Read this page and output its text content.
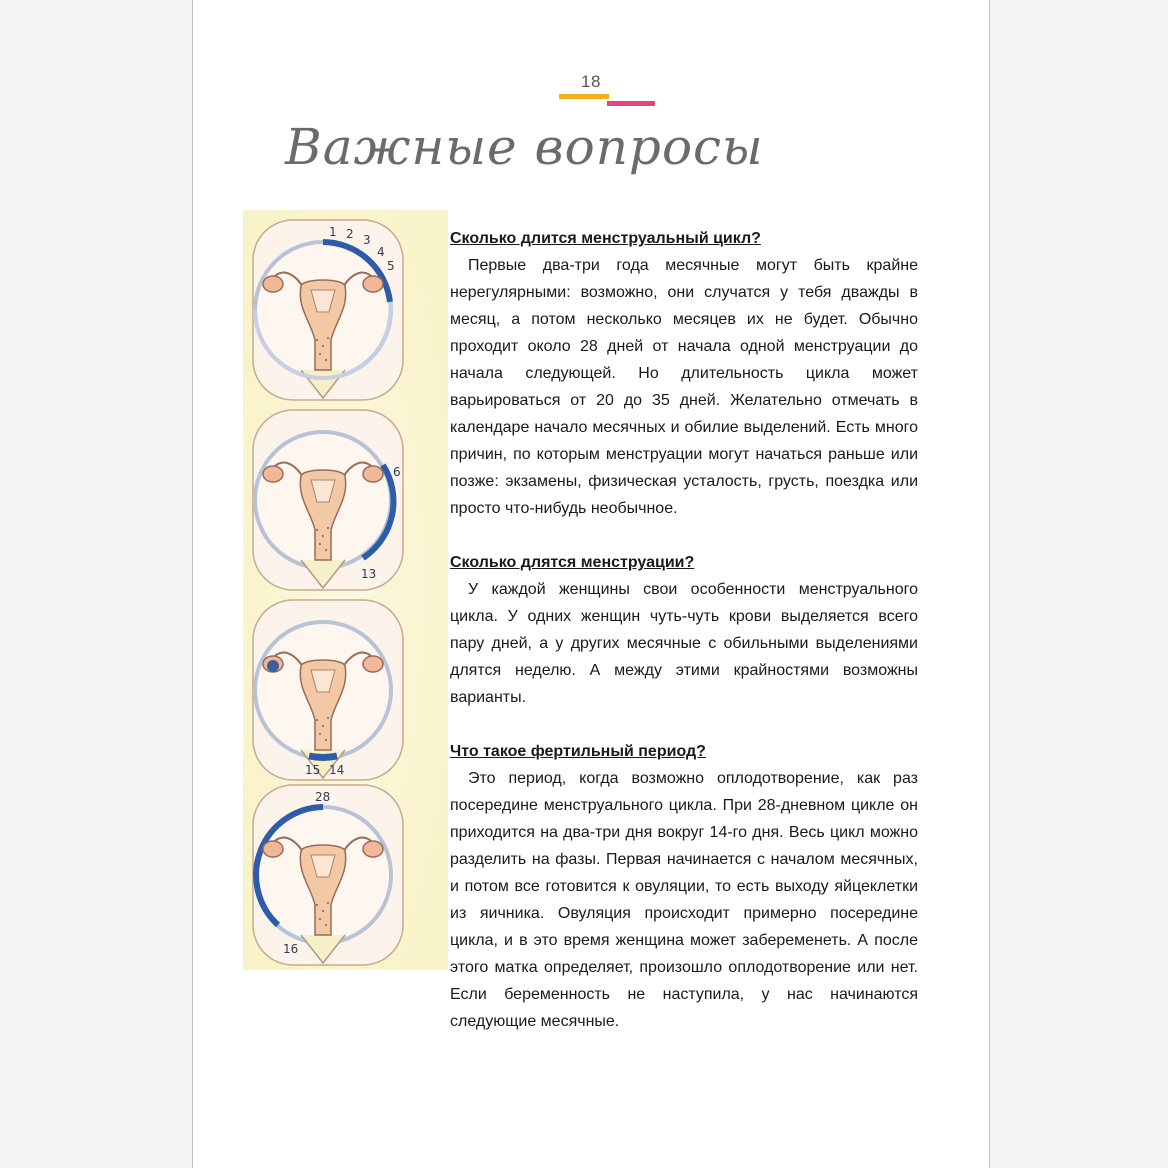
18
Важные вопросы
1 2 3
4
5
6
13
15 14
28
16
Сколько длится менструальный цикл?

Первые два-три года месячные могут быть крайне нерегулярными: возможно, они случатся у тебя дважды в месяц, а потом несколько месяцев их не будет. Обычно проходит около 28 дней от начала одной менструации до начала следующей. Но длительность цикла может варьироваться от 20 до 35 дней. Желательно отмечать в календаре начало месячных и обилие выделений. Есть много причин, по которым менструации могут начаться раньше или позже: экзамены, физическая усталость, грусть, поездка или просто что-нибудь необычное.

Сколько длятся менструации?

У каждой женщины свои особенности менструального цикла. У одних женщин чуть-чуть крови выделяется всего пару дней, а у других месячные с обильными выделениями длятся неделю. А между этими крайностями возможны варианты.

Что такое фертильный период?

Это период, когда возможно оплодотворение, как раз посередине менструального цикла. При 28-дневном цикле он приходится на два-три дня вокруг 14-го дня. Весь цикл можно разделить на фазы. Первая начинается с началом месячных, и потом все готовится к овуляции, то есть выходу яйцеклетки из яичника. Овуляция происходит примерно посередине цикла, и в это время женщина может забеременеть. А после этого матка определяет, произошло оплодотворение или нет. Если беременность не наступила, у нас начинаются следующие месячные.
